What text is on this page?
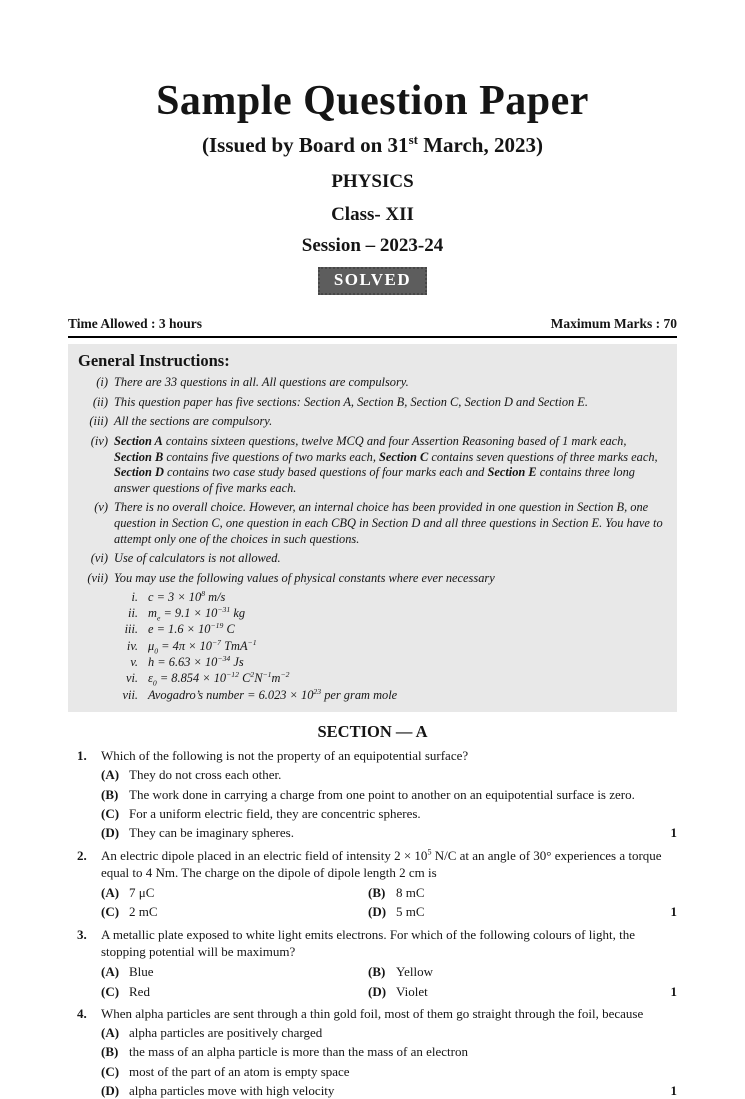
Sample Question Paper
(Issued by Board on 31st March, 2023)
PHYSICS
Class- XII
Session – 2023-24
SOLVED
Time Allowed : 3 hours	Maximum Marks : 70
General Instructions:
(i) There are 33 questions in all. All questions are compulsory.
(ii) This question paper has five sections: Section A, Section B, Section C, Section D and Section E.
(iii) All the sections are compulsory.
(iv) Section A contains sixteen questions, twelve MCQ and four Assertion Reasoning based of 1 mark each, Section B contains five questions of two marks each, Section C contains seven questions of three marks each, Section D contains two case study based questions of four marks each and Section E contains three long answer questions of five marks each.
(v) There is no overall choice. However, an internal choice has been provided in one question in Section B, one question in Section C, one question in each CBQ in Section D and all three questions in Section E. You have to attempt only one of the choices in such questions.
(vi) Use of calculators is not allowed.
(vii) You may use the following values of physical constants where ever necessary
i. $c = 3 \times 10^8$ m/s
ii. $m_e = 9.1 \times 10^{-31}$ kg
iii. $e = 1.6 \times 10^{-19}$ C
iv. $\mu_0 = 4\pi \times 10^{-7}$ TmA$^{-1}$
v. $h = 6.63 \times 10^{-34}$ Js
vi. $\varepsilon_0 = 8.854 \times 10^{-12}$ $C^2N^{-1}m^{-2}$
vii. Avogadro’s number = $6.023 \times 10^{23}$ per gram mole
SECTION — A
1.	Which of the following is not the property of an equipotential surface?
(A) They do not cross each other.
(B) The work done in carrying a charge from one point to another on an equipotential surface is zero.
(C) For a uniform electric field, they are concentric spheres.
(D) They can be imaginary spheres.	1
2.	An electric dipole placed in an electric field of intensity $2 \times 10^5$ N/C at an angle of 30° experiences a torque equal to 4 Nm. The charge on the dipole of dipole length 2 cm is
(A) 7 μC	(B) 8 mC
(C) 2 mC	(D) 5 mC	1
3.	A metallic plate exposed to white light emits electrons. For which of the following colours of light, the stopping potential will be maximum?
(A) Blue	(B) Yellow
(C) Red	(D) Violet	1
4.	When alpha particles are sent through a thin gold foil, most of them go straight through the foil, because
(A) alpha particles are positively charged
(B) the mass of an alpha particle is more than the mass of an electron
(C) most of the part of an atom is empty space
(D) alpha particles move with high velocity	1
